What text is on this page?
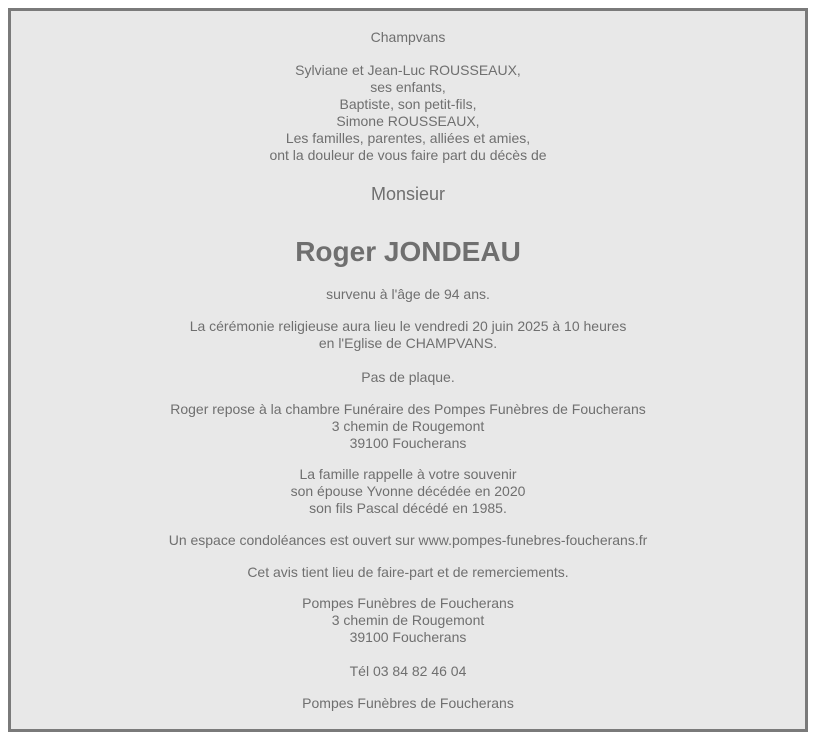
Champvans
Sylviane et Jean-Luc ROUSSEAUX,
ses enfants,
Baptiste, son petit-fils,
Simone ROUSSEAUX,
Les familles, parentes, alliées et amies,
ont la douleur de vous faire part du décès de
Monsieur
Roger JONDEAU
survenu à l'âge de 94 ans.
La cérémonie religieuse aura lieu le vendredi 20 juin 2025 à 10 heures
en l'Eglise de CHAMPVANS.
Pas de plaque.
Roger repose à la chambre Funéraire des Pompes Funèbres de Foucherans
3 chemin de Rougemont
39100 Foucherans
La famille rappelle à votre souvenir
son épouse Yvonne décédée en 2020
son fils Pascal décédé en 1985.
Un espace condoléances est ouvert sur www.pompes-funebres-foucherans.fr
Cet avis tient lieu de faire-part et de remerciements.
Pompes Funèbres de Foucherans
3 chemin de Rougemont
39100 Foucherans
Tél 03 84 82 46 04
Pompes Funèbres de Foucherans
